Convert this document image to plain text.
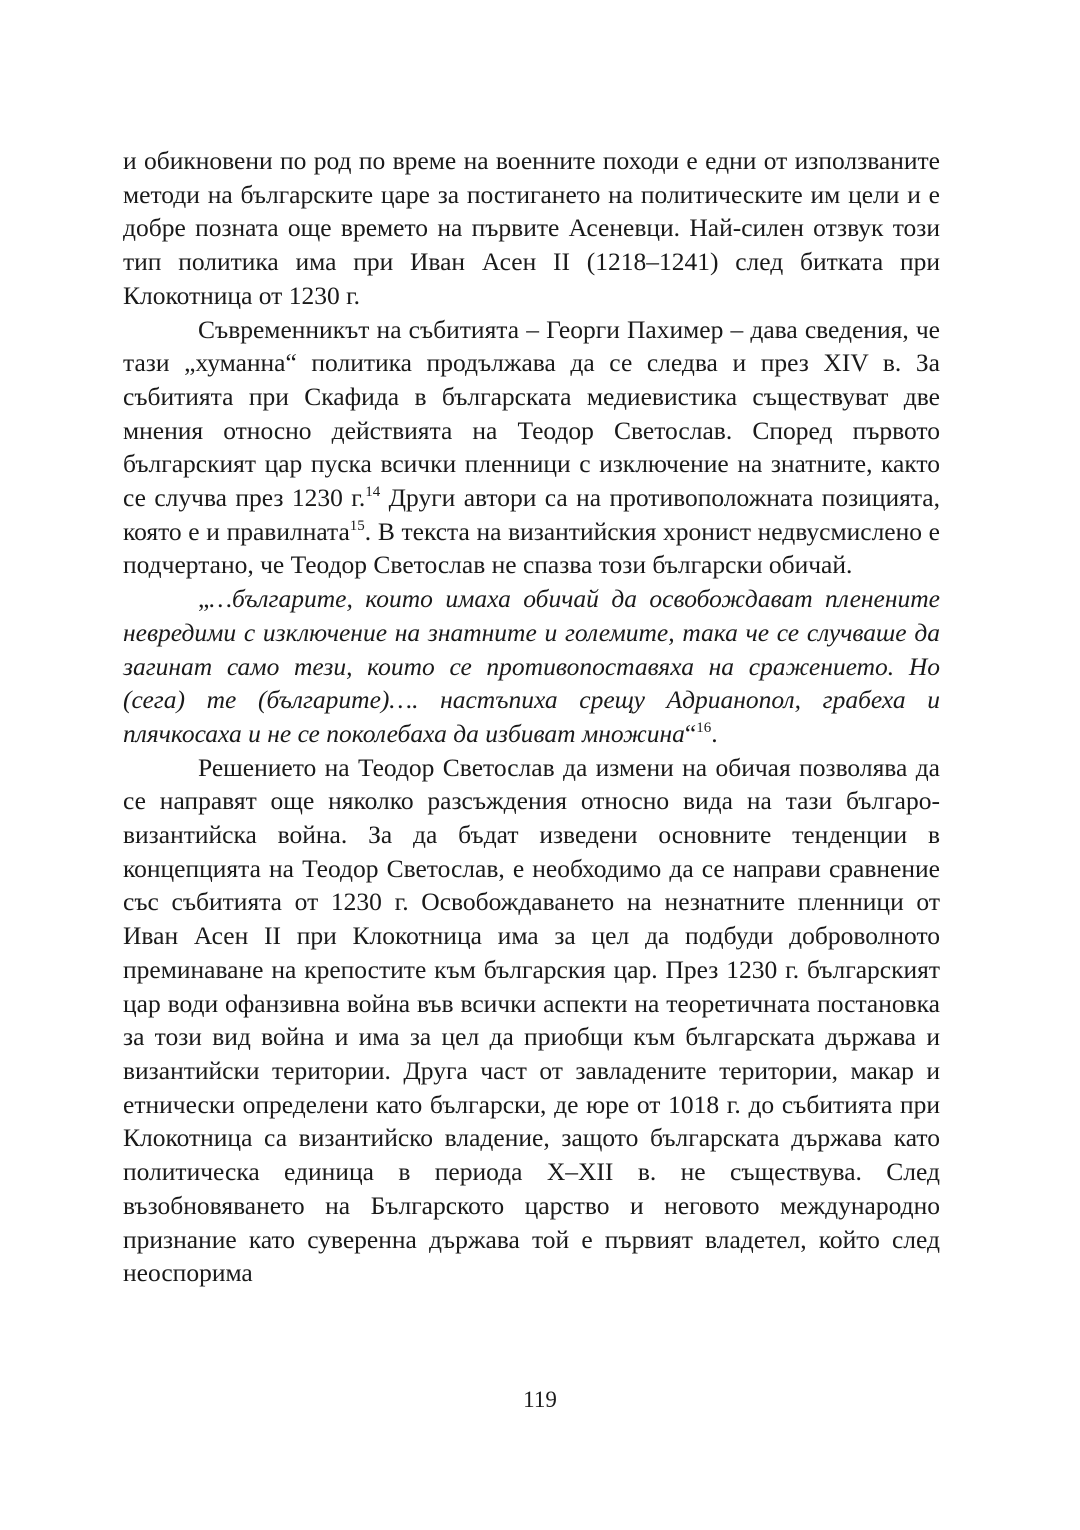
и обикновени по род по време на военните походи е едни от използваните методи на българските царе за постигането на политическите им цели и е добре позната още времето на първите Асеневци. Най-силен отзвук този тип политика има при Иван Асен II (1218–1241) след битката при Клокотница от 1230 г.

Съвременникът на събитията – Георги Пахимер – дава сведения, че тази „хуманна“ политика продължава да се следва и през XIV в. За събитията при Скафида в българската медиевистика съществуват две мнения относно действията на Теодор Светослав. Според първото българският цар пуска всички пленници с изключение на знатните, както се случва през 1230 г.$^{14}$ Други автори са на противоположната позицията, която е и правилната$^{15}$. В текста на византийския хронист недвусмислено е подчертано, че Теодор Светослав не спазва този български обичай.

„…българите, които имаха обичай да освобождават пленените невредими с изключение на знатните и големите, така че се случваше да загинат само тези, които се противопоставяха на сражението. Но (сега) те (българите)…. настъпиха срещу Адрианопол, грабеха и плячкосаха и не се поколебаха да избиват множина“$^{16}$.

Решението на Теодор Светослав да измени на обичая позволява да се направят още няколко разсъждения относно вида на тази българо-византийска война. За да бъдат изведени основните тенденции в концепцията на Теодор Светослав, е необходимо да се направи сравнение със събитията от 1230 г. Освобождаването на незнатните пленници от Иван Асен II при Клокотница има за цел да подбуди доброволното преминаване на крепостите към българския цар. През 1230 г. българският цар води офанзивна война във всички аспекти на теоретичната постановка за този вид война и има за цел да приобщи към българската държава и византийски територии. Друга част от завладените територии, макар и етнически определени като български, де юре от 1018 г. до събитията при Клокотница са византийско владение, защото българската държава като политическа единица в периода X–XII в. не съществува. След възобновяването на Българското царство и неговото международно признание като суверенна държава той е първият владетел, който след неоспорима

119
